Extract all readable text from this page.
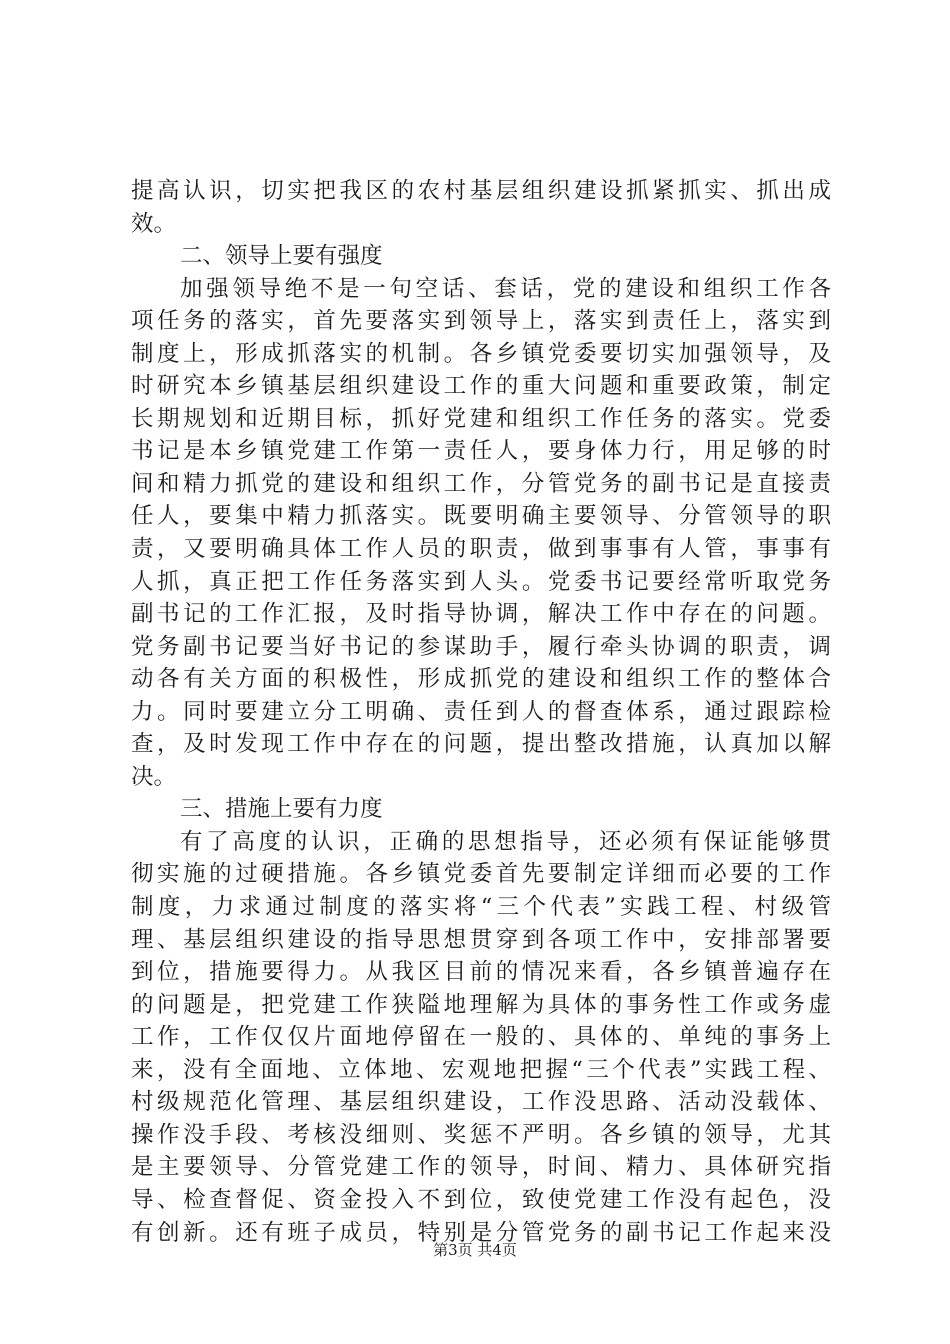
提高认识，切实把我区的农村基层组织建设抓紧抓实、抓出成
效。
二、领导上要有强度
加强领导绝不是一句空话、套话，党的建设和组织工作各
项任务的落实，首先要落实到领导上，落实到责任上，落实到
制度上，形成抓落实的机制。各乡镇党委要切实加强领导，及
时研究本乡镇基层组织建设工作的重大问题和重要政策，制定
长期规划和近期目标，抓好党建和组织工作任务的落实。党委
书记是本乡镇党建工作第一责任人，要身体力行，用足够的时
间和精力抓党的建设和组织工作，分管党务的副书记是直接责
任人，要集中精力抓落实。既要明确主要领导、分管领导的职
责，又要明确具体工作人员的职责，做到事事有人管，事事有
人抓，真正把工作任务落实到人头。党委书记要经常听取党务
副书记的工作汇报，及时指导协调，解决工作中存在的问题。
党务副书记要当好书记的参谋助手，履行牵头协调的职责，调
动各有关方面的积极性，形成抓党的建设和组织工作的整体合
力。同时要建立分工明确、责任到人的督查体系，通过跟踪检
查，及时发现工作中存在的问题，提出整改措施，认真加以解
决。
三、措施上要有力度
有了高度的认识，正确的思想指导，还必须有保证能够贯
彻实施的过硬措施。各乡镇党委首先要制定详细而必要的工作
制度，力求通过制度的落实将“三个代表”实践工程、村级管
理、基层组织建设的指导思想贯穿到各项工作中，安排部署要
到位，措施要得力。从我区目前的情况来看，各乡镇普遍存在
的问题是，把党建工作狭隘地理解为具体的事务性工作或务虚
工作，工作仅仅片面地停留在一般的、具体的、单纯的事务上
来，没有全面地、立体地、宏观地把握“三个代表”实践工程、
村级规范化管理、基层组织建设，工作没思路、活动没载体、
操作没手段、考核没细则、奖惩不严明。各乡镇的领导，尤其
是主要领导、分管党建工作的领导，时间、精力、具体研究指
导、检查督促、资金投入不到位，致使党建工作没有起色，没
有创新。还有班子成员，特别是分管党务的副书记工作起来没
第3页 共4页
